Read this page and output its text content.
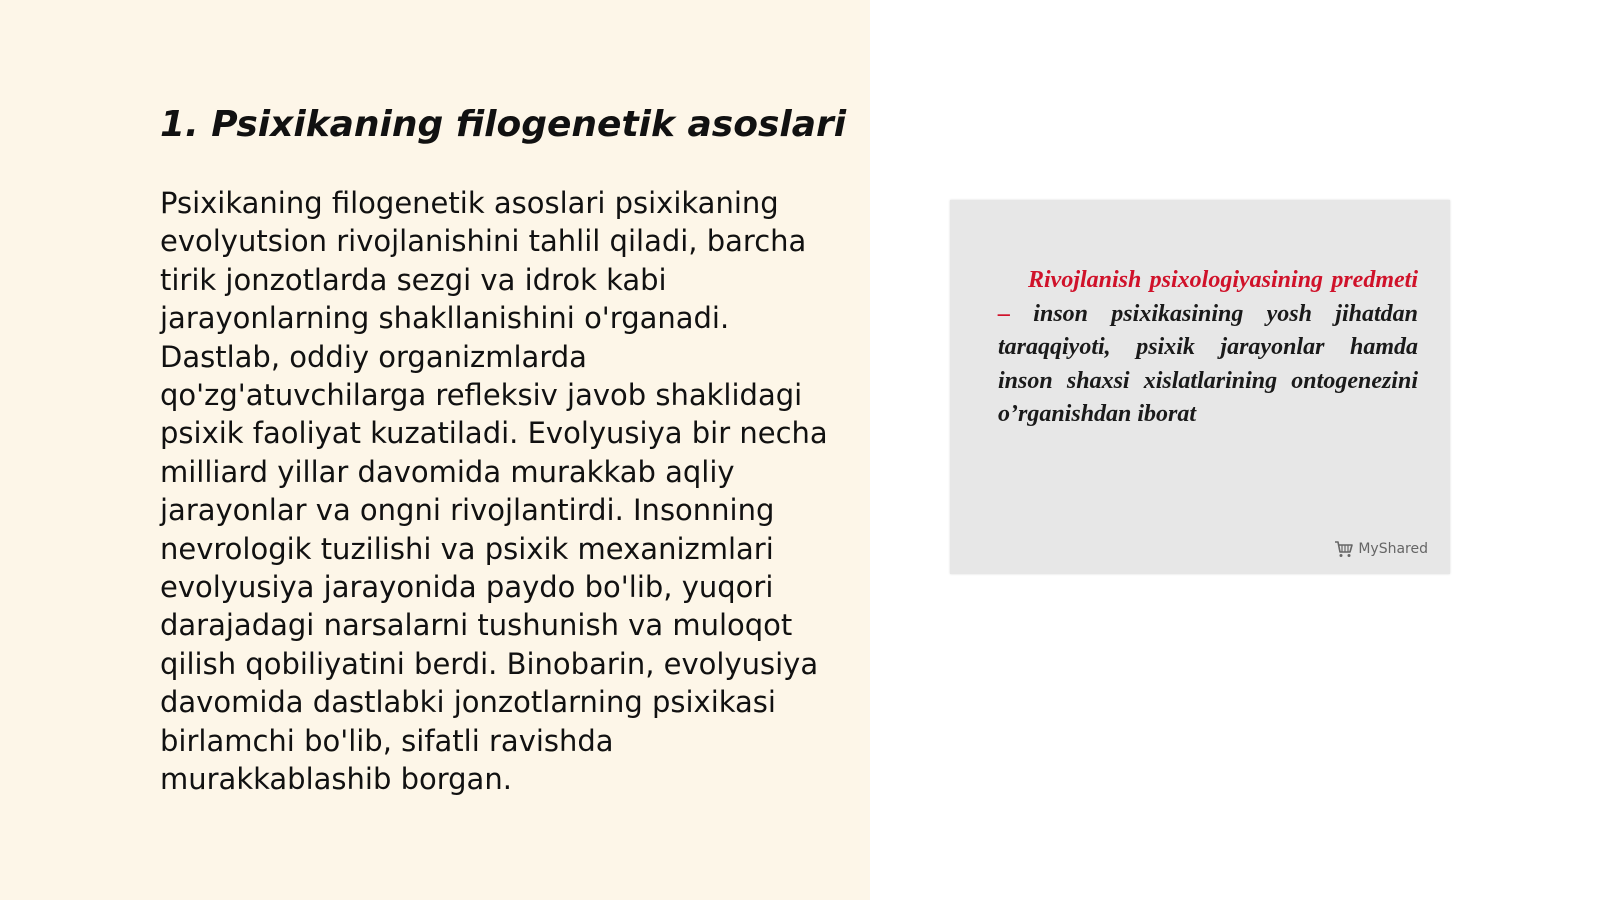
1. Psixikaning filogenetik asoslari

Psixikaning filogenetik asoslari psixikaning evolyutsion rivojlanishini tahlil qiladi, barcha tirik jonzotlarda sezgi va idrok kabi jarayonlarning shakllanishini o'rganadi. Dastlab, oddiy organizmlarda qo'zg'atuvchilarga refleksiv javob shaklidagi psixik faoliyat kuzatiladi. Evolyusiya bir necha milliard yillar davomida murakkab aqliy jarayonlar va ongni rivojlantirdi. Insonning nevrologik tuzilishi va psixik mexanizmlari evolyusiya jarayonida paydo bo'lib, yuqori darajadagi narsalarni tushunish va muloqot qilish qobiliyatini berdi. Binobarin, evolyusiya davomida dastlabki jonzotlarning psixikasi birlamchi bo'lib, sifatli ravishda murakkablashib borgan.

Rivojlanish psixologiyasining predmeti – inson psixikasining yosh jihatdan taraqqiyoti, psixik jarayonlar hamda inson shaxsi xislatlarining ontogenezini o’rganishdan iborat

MyShared
